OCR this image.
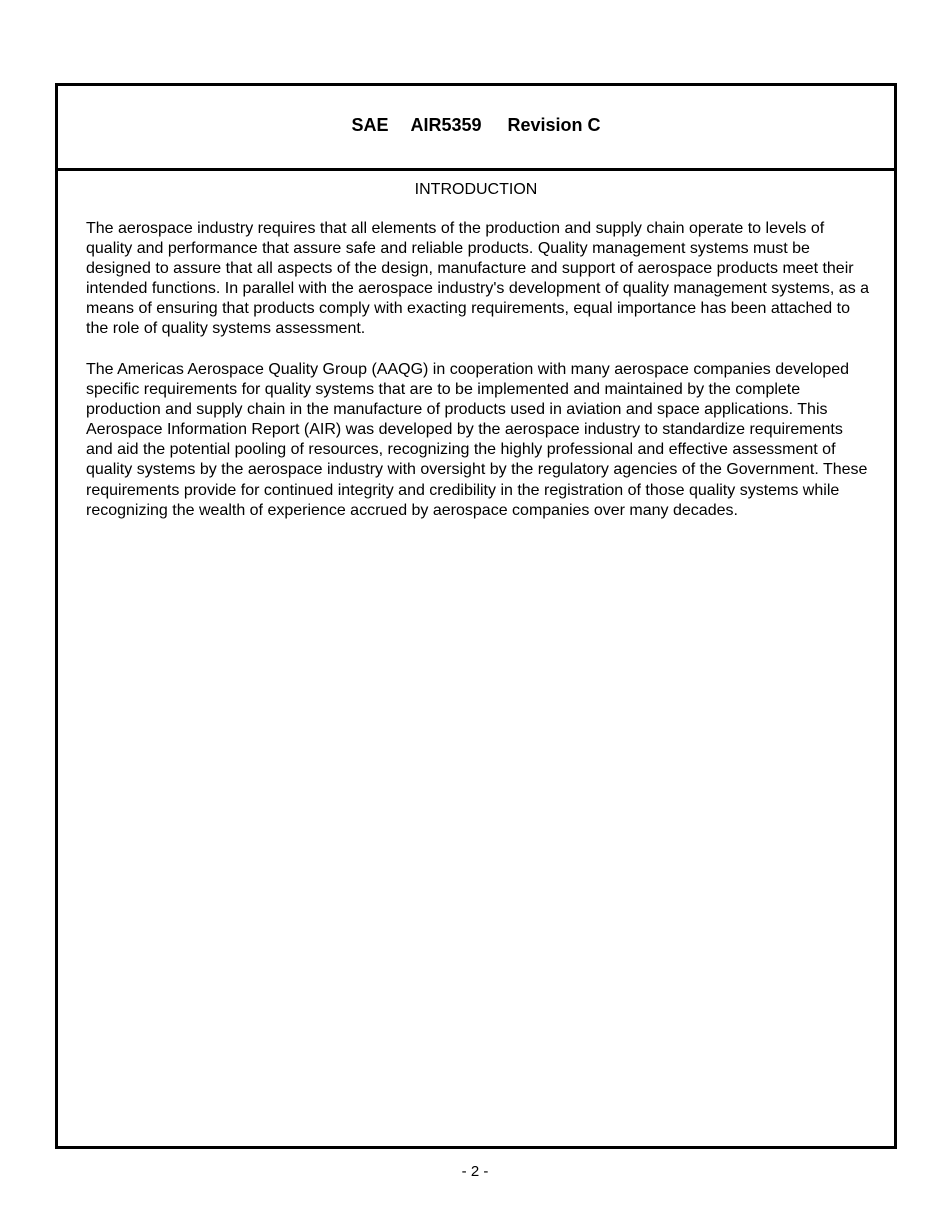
SAE AIR5359 Revision C
INTRODUCTION

The aerospace industry requires that all elements of the production and supply chain operate to levels of quality and performance that assure safe and reliable products. Quality management systems must be designed to assure that all aspects of the design, manufacture and support of aerospace products meet their intended functions. In parallel with the aerospace industry's development of quality management systems, as a means of ensuring that products comply with exacting requirements, equal importance has been attached to the role of quality systems assessment.

The Americas Aerospace Quality Group (AAQG) in cooperation with many aerospace companies developed specific requirements for quality systems that are to be implemented and maintained by the complete production and supply chain in the manufacture of products used in aviation and space applications. This Aerospace Information Report (AIR) was developed by the aerospace industry to standardize requirements and aid the potential pooling of resources, recognizing the highly professional and effective assessment of quality systems by the aerospace industry with oversight by the regulatory agencies of the Government. These requirements provide for continued integrity and credibility in the registration of those quality systems while recognizing the wealth of experience accrued by aerospace companies over many decades.

- 2 -
